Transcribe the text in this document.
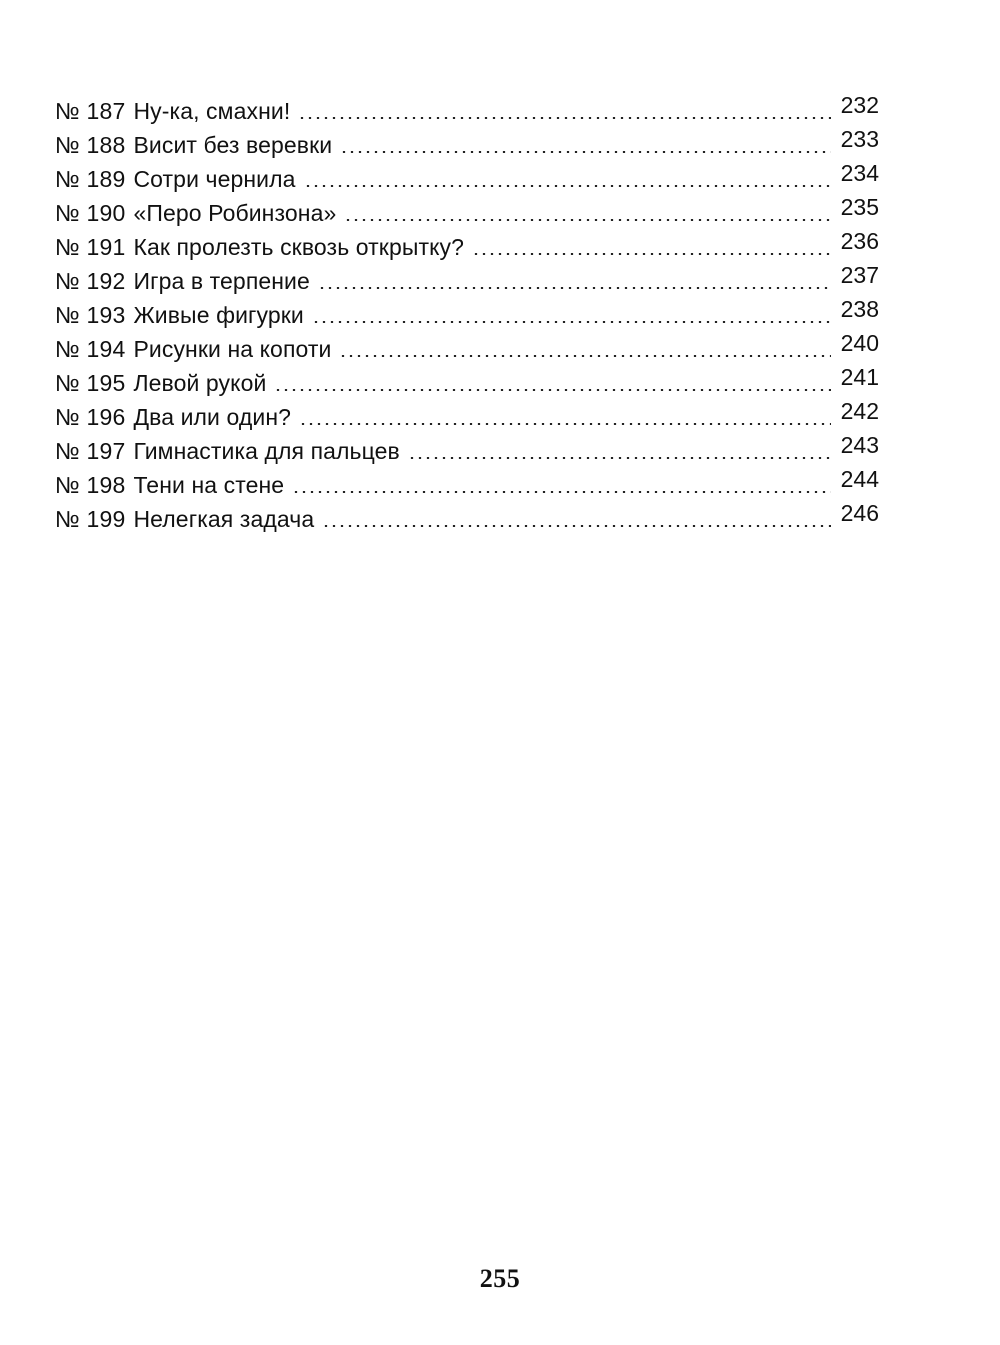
№ 187 Ну-ка, смахни!	232
№ 188 Висит без веревки	233
№ 189 Сотри чернила	234
№ 190 «Перо Робинзона»	235
№ 191 Как пролезть сквозь открытку?	236
№ 192 Игра в терпение	237
№ 193 Живые фигурки	238
№ 194 Рисунки на копоти	240
№ 195 Левой рукой	241
№ 196 Два или один?	242
№ 197 Гимнастика для пальцев	243
№ 198 Тени на стене	244
№ 199 Нелегкая задача	246
255
